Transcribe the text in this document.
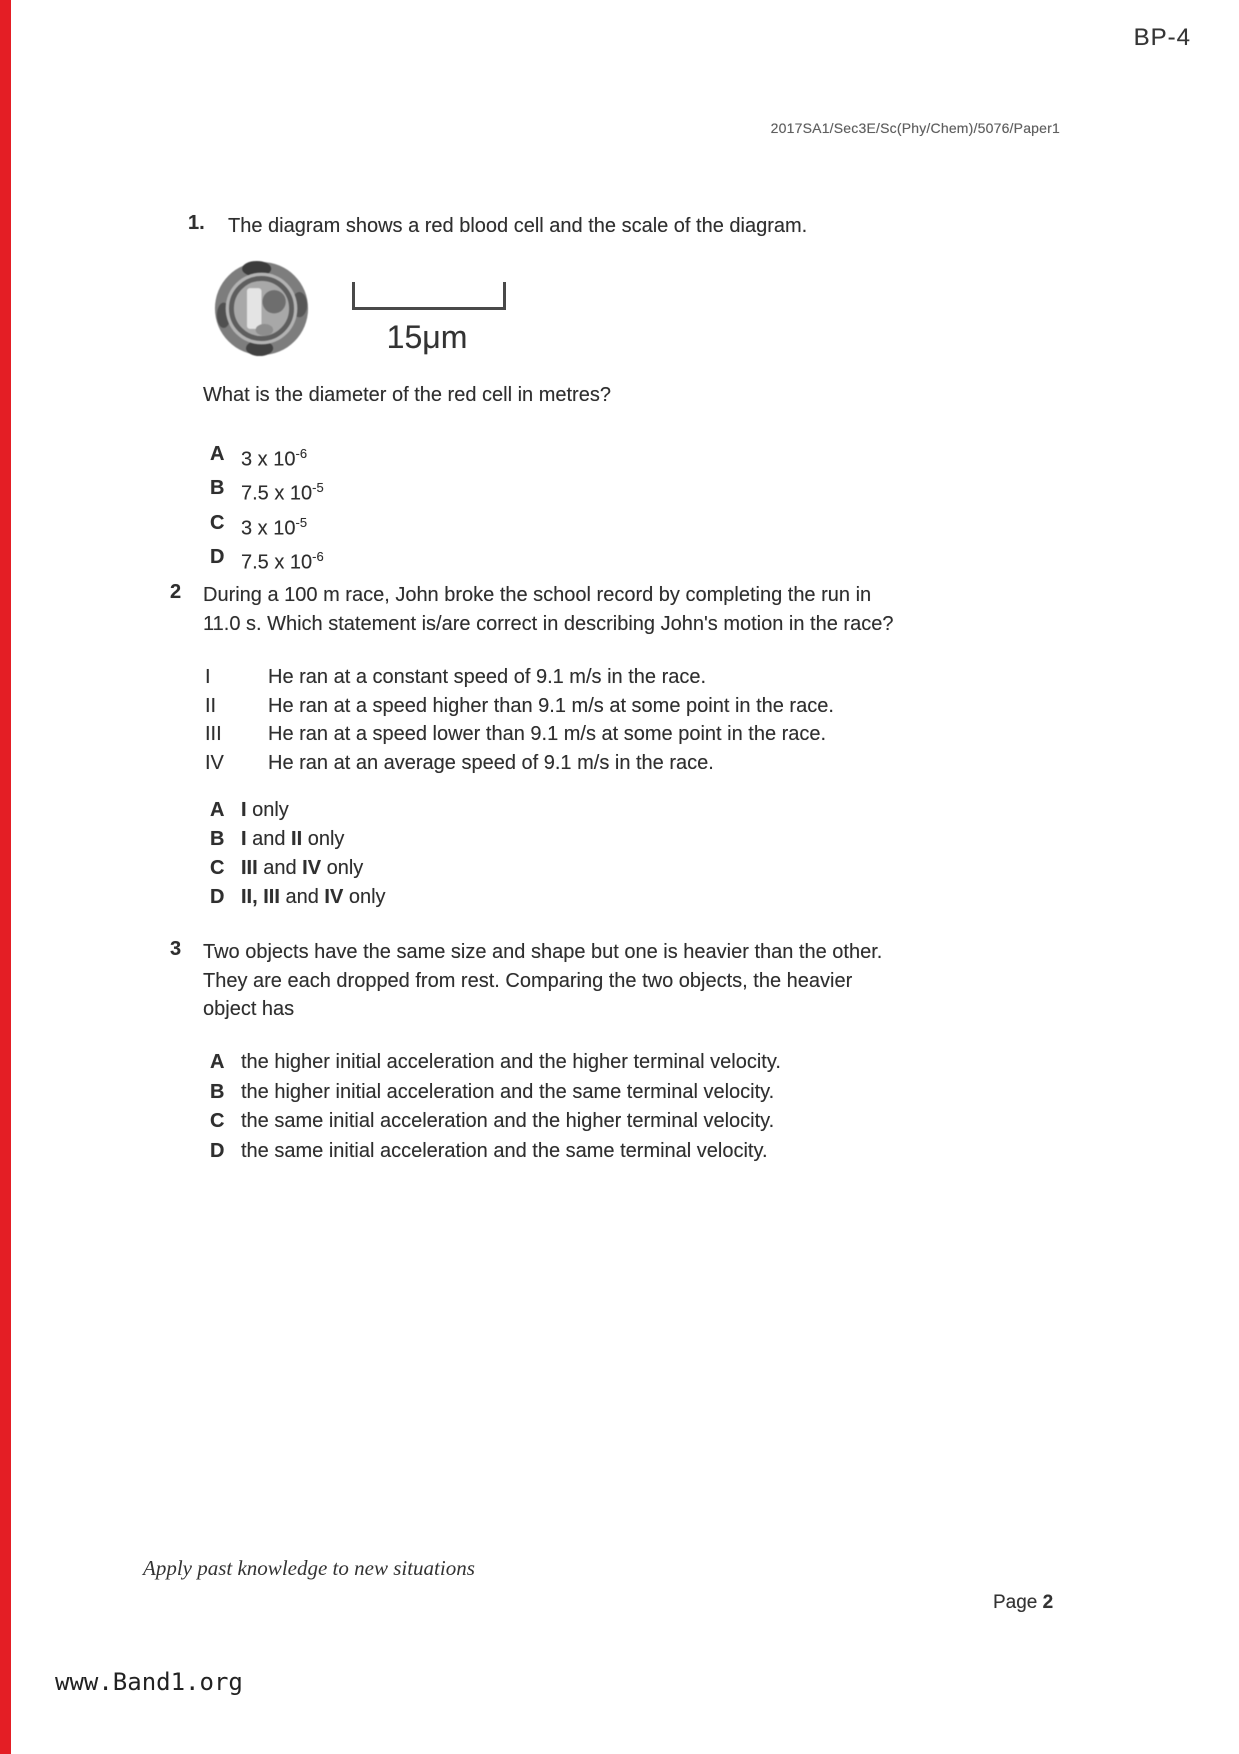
BP-4
2017SA1/Sec3E/Sc(Phy/Chem)/5076/Paper1
1.	The diagram shows a red blood cell and the scale of the diagram.

15μm

What is the diameter of the red cell in metres?

A 3 x $10^{-6}$
B 7.5 x $10^{-5}$
C 3 x $10^{-5}$
D 7.5 x $10^{-6}$
2	During a 100 m race, John broke the school record by completing the run in

11.0 s. Which statement is/are correct in describing John's motion in the race?

I	He ran at a constant speed of 9.1 m/s in the race.
II	He ran at a speed higher than 9.1 m/s at some point in the race.
III	He ran at a speed lower than 9.1 m/s at some point in the race.
IV	He ran at an average speed of 9.1 m/s in the race.
A I only
B I and II only
C III and IV only
D II, III and IV only
3	Two objects have the same size and shape but one is heavier than the other.

They are each dropped from rest. Comparing the two objects, the heavier

object has

A the higher initial acceleration and the higher terminal velocity.
B the higher initial acceleration and the same terminal velocity.
C the same initial acceleration and the higher terminal velocity.
D the same initial acceleration and the same terminal velocity.
Apply past knowledge to new situations
Page 2
www.Band1.org
